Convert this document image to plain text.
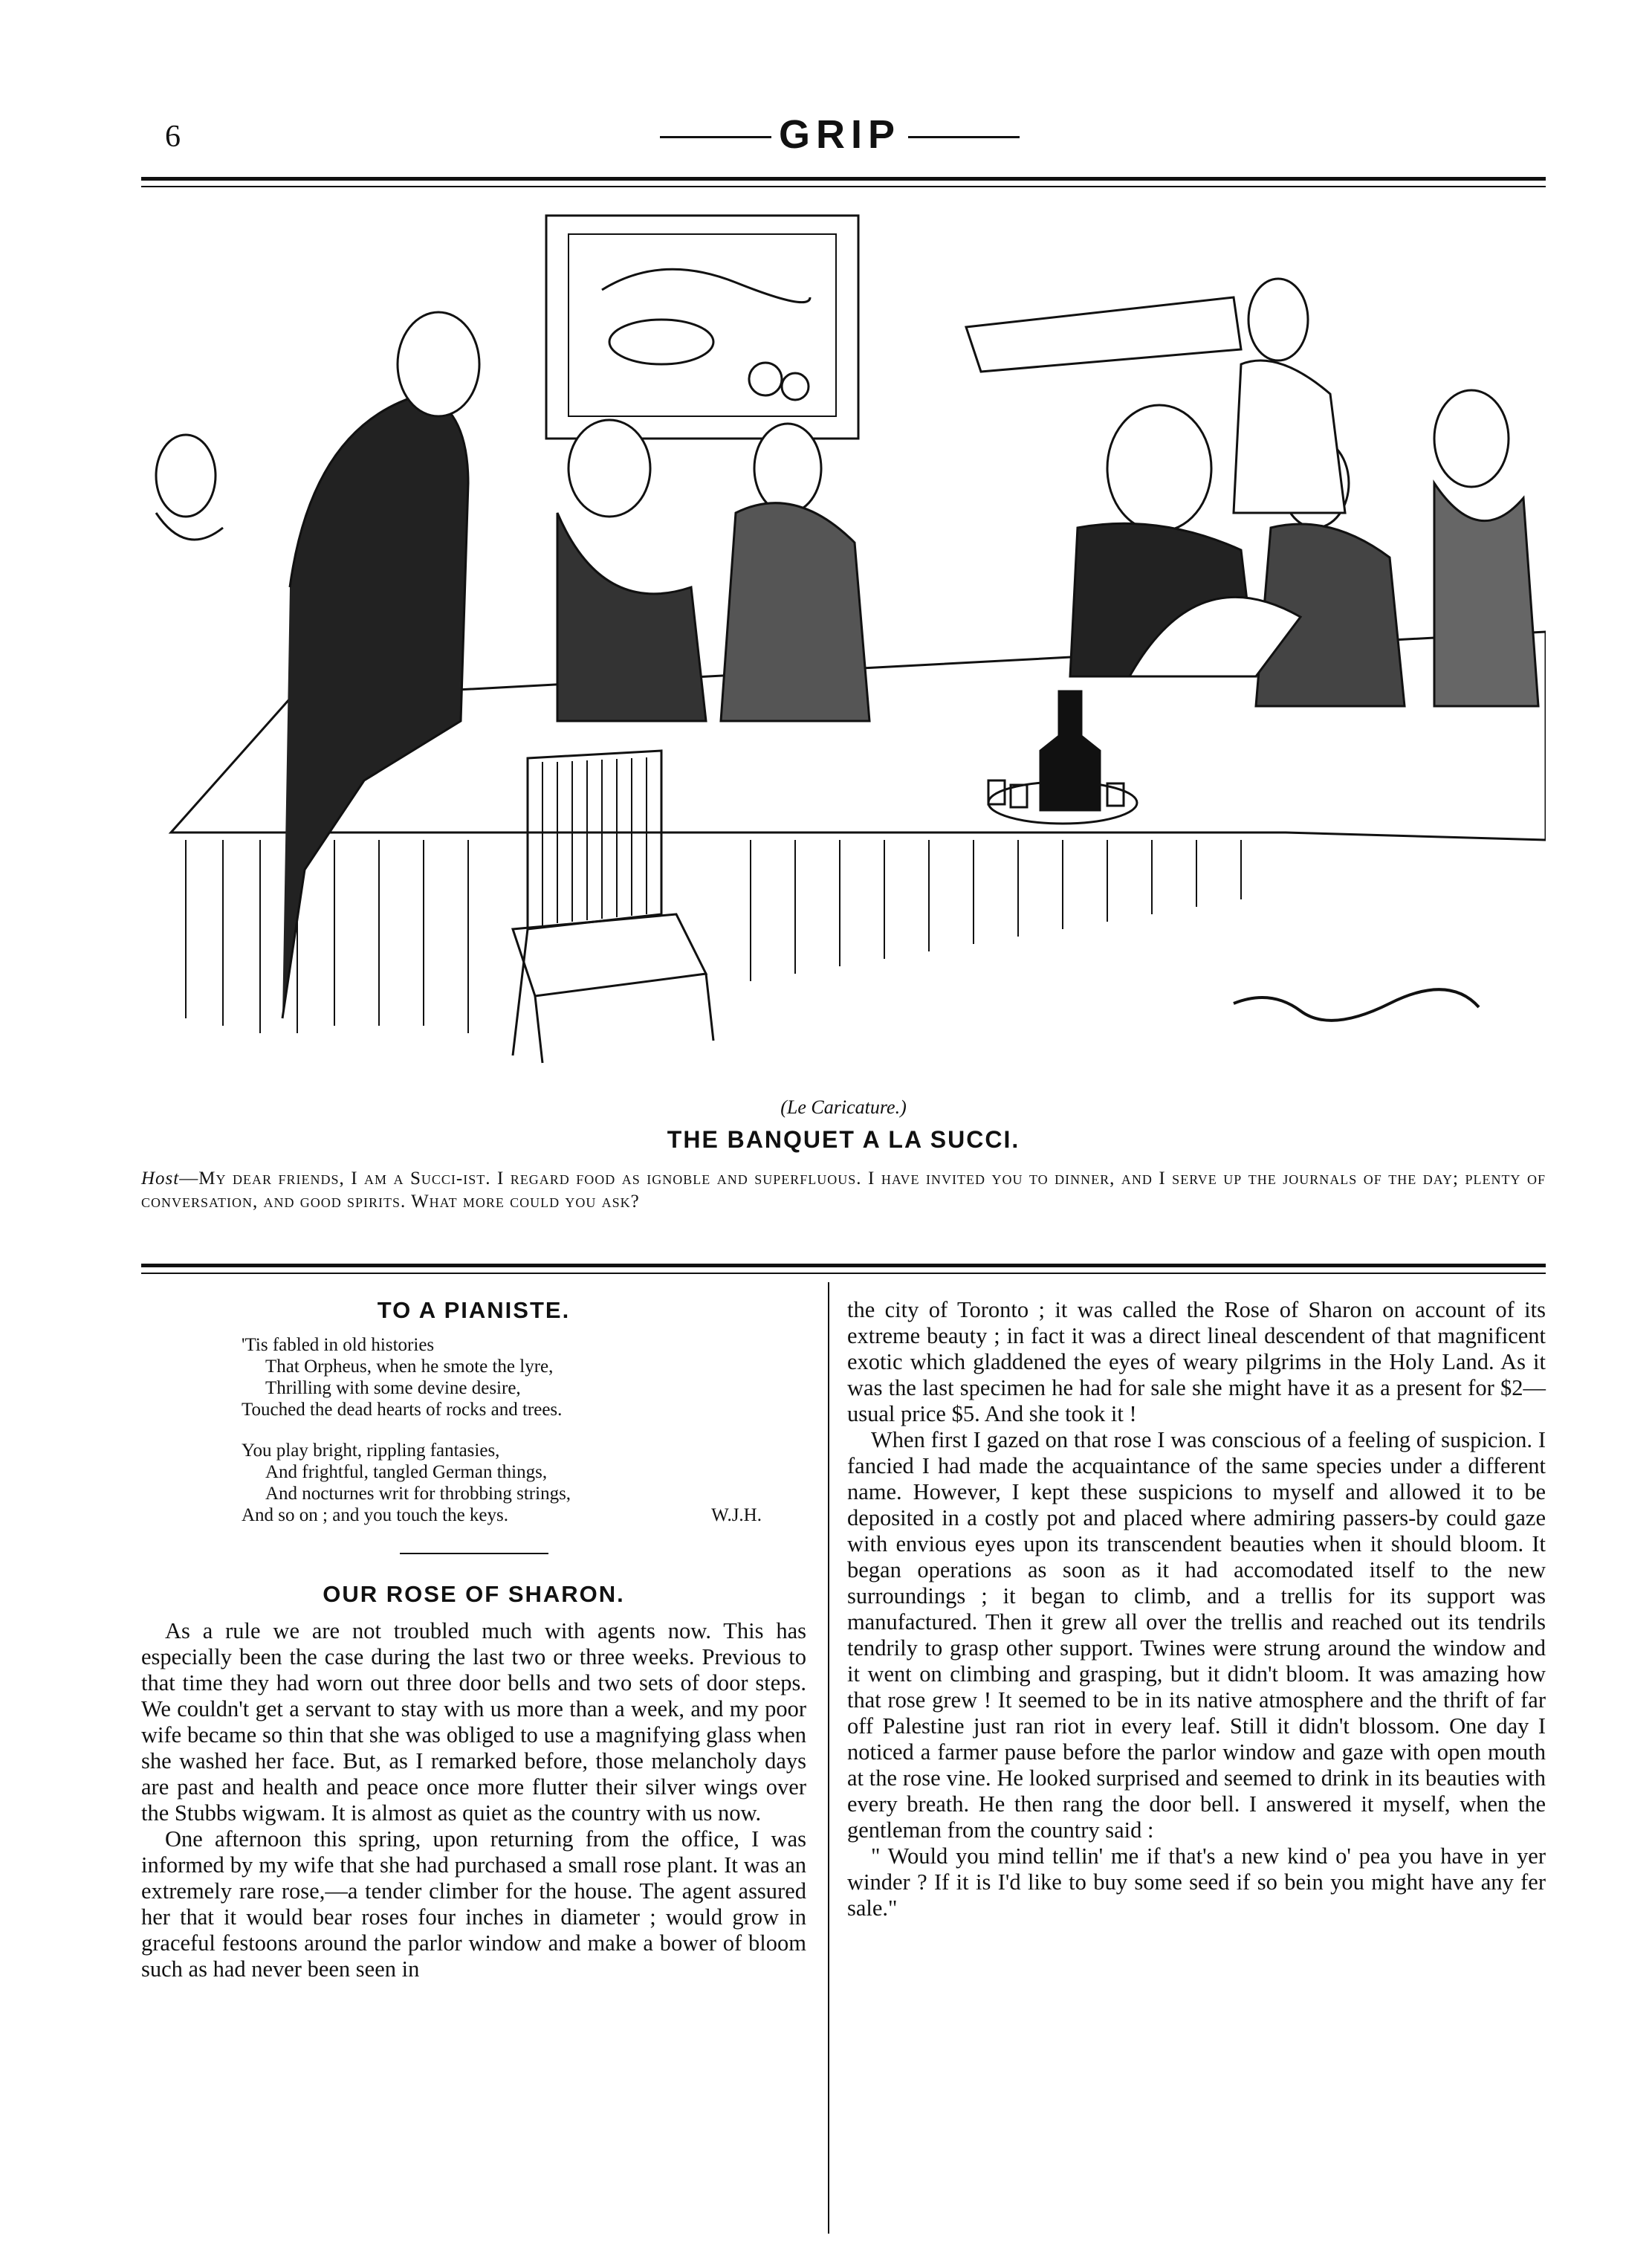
6	GRIP
(Le Caricature.)
THE BANQUET A LA SUCCI.
Host—My dear friends, I am a Succi-ist. I regard food as ignoble and superfluous. I have invited you to dinner, and I serve up the journals of the day; plenty of conversation, and good spirits. What more could you ask?
TO A PIANISTE.
'Tis fabled in old histories
That Orpheus, when he smote the lyre,
Thrilling with some devine desire,
Touched the dead hearts of rocks and trees.
You play bright, rippling fantasies,
And frightful, tangled German things,
And nocturnes writ for throbbing strings,
And so on ; and you touch the keys.	W.J.H.
OUR ROSE OF SHARON.

As a rule we are not troubled much with agents now. This has especially been the case during the last two or three weeks. Previous to that time they had worn out three door bells and two sets of door steps. We couldn't get a servant to stay with us more than a week, and my poor wife became so thin that she was obliged to use a magnifying glass when she washed her face. But, as I remarked before, those melancholy days are past and health and peace once more flutter their silver wings over the Stubbs wigwam. It is almost as quiet as the country with us now.

One afternoon this spring, upon returning from the office, I was informed by my wife that she had purchased a small rose plant. It was an extremely rare rose,—a tender climber for the house. The agent assured her that it would bear roses four inches in diameter ; would grow in graceful festoons around the parlor window and make a bower of bloom such as had never been seen in

the city of Toronto ; it was called the Rose of Sharon on account of its extreme beauty ; in fact it was a direct lineal descendent of that magnificent exotic which gladdened the eyes of weary pilgrims in the Holy Land. As it was the last specimen he had for sale she might have it as a present for $2—usual price $5. And she took it !

When first I gazed on that rose I was conscious of a feeling of suspicion. I fancied I had made the acquaintance of the same species under a different name. However, I kept these suspicions to myself and allowed it to be deposited in a costly pot and placed where admiring passers-by could gaze with envious eyes upon its transcendent beauties when it should bloom. It began operations as soon as it had accomodated itself to the new surroundings ; it began to climb, and a trellis for its support was manufactured. Then it grew all over the trellis and reached out its tendrils tendrily to grasp other support. Twines were strung around the window and it went on climbing and grasping, but it didn't bloom. It was amazing how that rose grew ! It seemed to be in its native atmosphere and the thrift of far off Palestine just ran riot in every leaf. Still it didn't blossom. One day I noticed a farmer pause before the parlor window and gaze with open mouth at the rose vine. He looked surprised and seemed to drink in its beauties with every breath. He then rang the door bell. I answered it myself, when the gentleman from the country said :

" Would you mind tellin' me if that's a new kind o' pea you have in yer winder ? If it is I'd like to buy some seed if so bein you might have any fer sale."
